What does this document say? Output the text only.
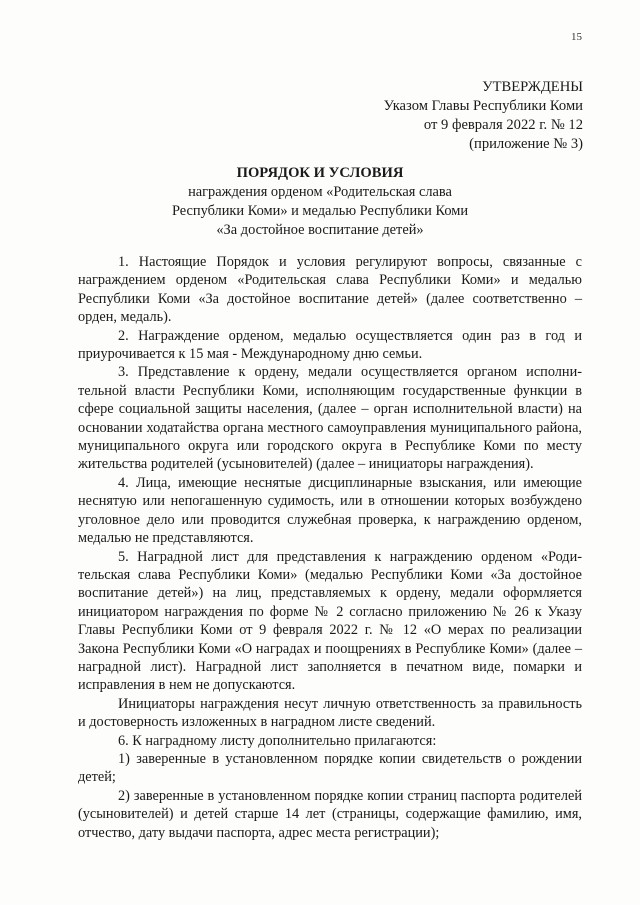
15
УТВЕРЖДЕНЫ
Указом Главы Республики Коми
от 9 февраля 2022 г. № 12
(приложение № 3)
ПОРЯДОК И УСЛОВИЯ
награждения орденом «Родительская слава
Республики Коми» и медалью Республики Коми
«За достойное воспитание детей»

1. Настоящие Порядок и условия регулируют вопросы, связанные с награждением орденом «Родительская слава Республики Коми» и медалью Республики Коми «За достойное воспитание детей» (далее соответственно – орден, медаль).

2. Награждение орденом, медалью осуществляется один раз в год и приурочивается к 15 мая - Международному дню семьи.

3. Представление к ордену, медали осуществляется органом исполнительной власти Республики Коми, исполняющим государственные функции в сфере социальной защиты населения, (далее – орган исполнительной власти) на основании ходатайства органа местного самоуправления муниципального района, муниципального округа или городского округа в Республике Коми по месту жительства родителей (усыновителей) (далее – инициаторы награждения).

4. Лица, имеющие неснятые дисциплинарные взыскания, или имеющие неснятую или непогашенную судимость, или в отношении которых возбуждено уголовное дело или проводится служебная проверка, к награждению орденом, медалью не представляются.

5. Наградной лист для представления к награждению орденом «Родительская слава Республики Коми» (медалью Республики Коми «За достойное воспитание детей») на лиц, представляемых к ордену, медали оформляется инициатором награждения по форме № 2 согласно приложению № 26 к Указу Главы Республики Коми от 9 февраля 2022 г. № 12 «О мерах по реализации Закона Республики Коми «О наградах и поощрениях в Республике Коми» (далее – наградной лист). Наградной лист заполняется в печатном виде, помарки и исправления в нем не допускаются.

Инициаторы награждения несут личную ответственность за правильность и достоверность изложенных в наградном листе сведений.

6. К наградному листу дополнительно прилагаются:

1) заверенные в установленном порядке копии свидетельств о рождении детей;

2) заверенные в установленном порядке копии страниц паспорта родителей (усыновителей) и детей старше 14 лет (страницы, содержащие фамилию, имя, отчество, дату выдачи паспорта, адрес места регистрации);
